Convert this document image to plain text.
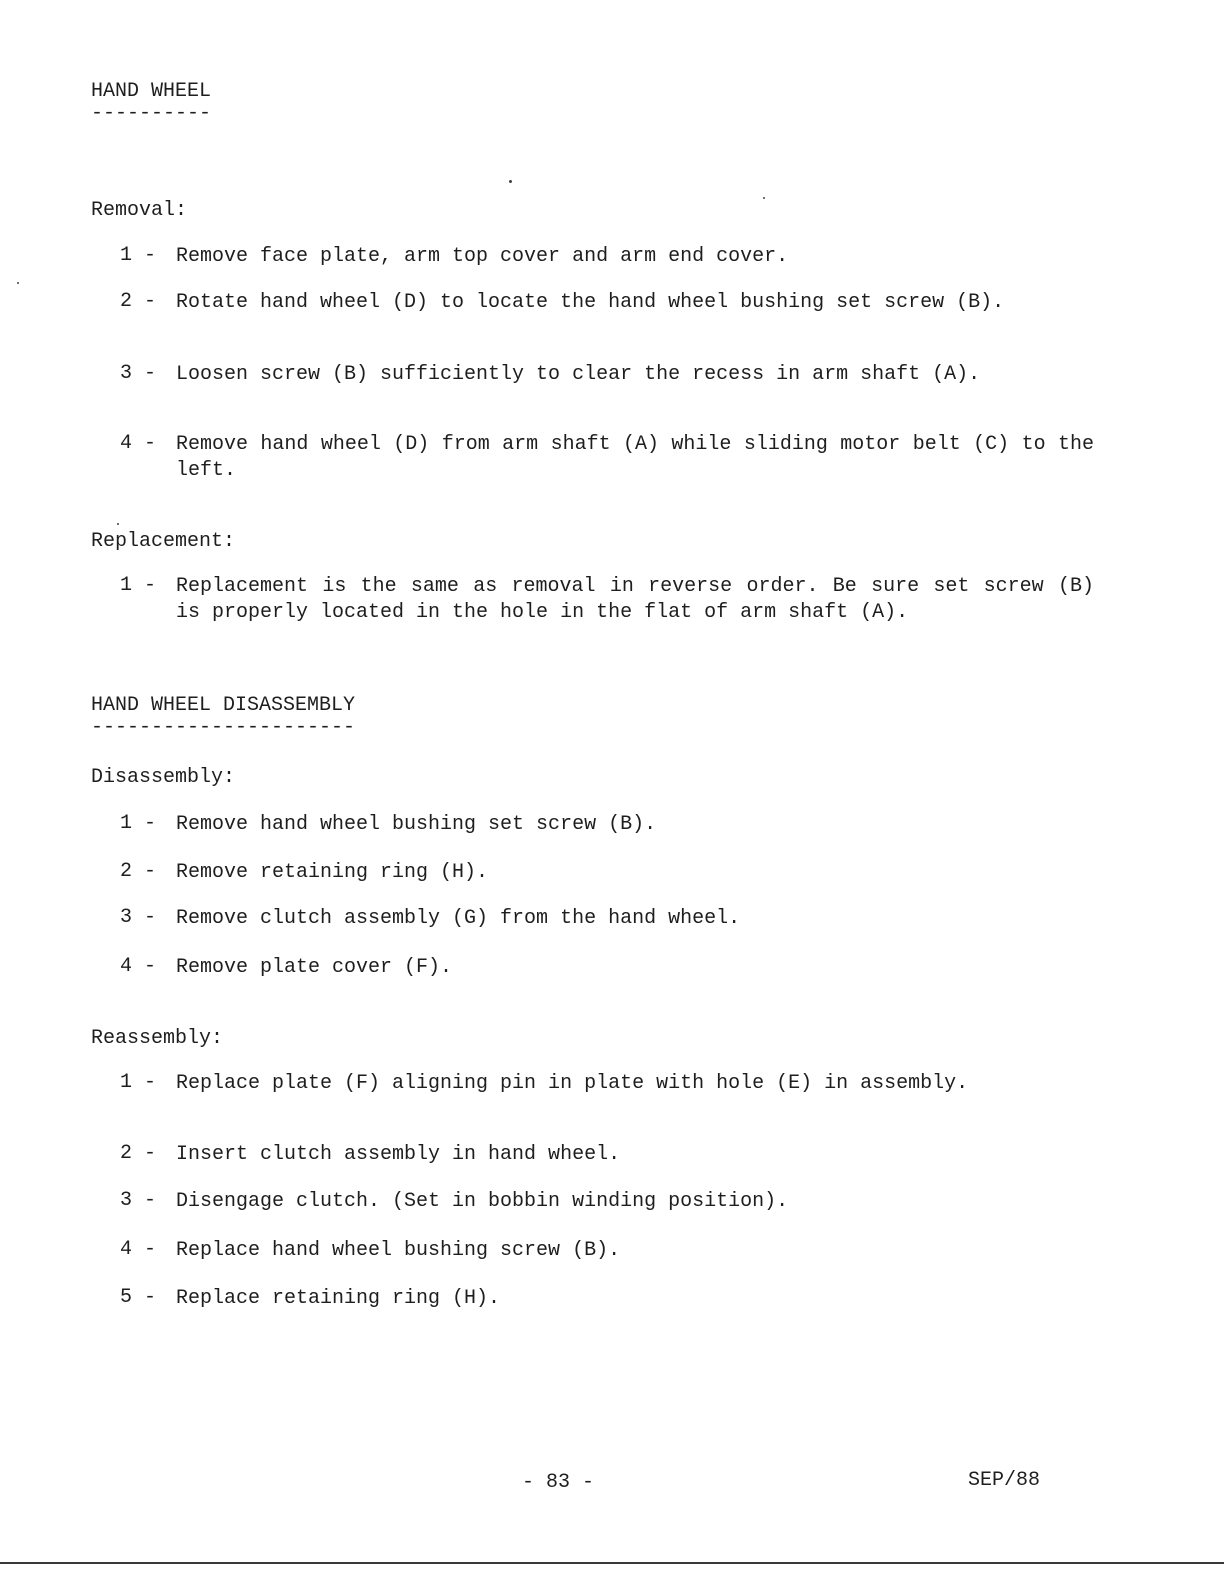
HAND WHEEL
----------
Removal:
1 - Remove face plate, arm top cover and arm end cover.
2 - Rotate hand wheel (D) to locate the hand wheel bushing set screw (B).
3 - Loosen screw (B) sufficiently to clear the recess in arm shaft (A).
4 - Remove hand wheel (D) from arm shaft (A) while sliding motor belt (C) to the left.
Replacement:
1 - Replacement is the same as removal in reverse order. Be sure set screw (B) is properly located in the hole in the flat of arm shaft (A).
HAND WHEEL DISASSEMBLY
----------------------
Disassembly:
1 - Remove hand wheel bushing set screw (B).
2 - Remove retaining ring (H).
3 - Remove clutch assembly (G) from the hand wheel.
4 - Remove plate cover (F).
Reassembly:
1 - Replace plate (F) aligning pin in plate with hole (E) in assembly.
2 - Insert clutch assembly in hand wheel.
3 - Disengage clutch. (Set in bobbin winding position).
4 - Replace hand wheel bushing screw (B).
5 - Replace retaining ring (H).
- 83 -	SEP/88
